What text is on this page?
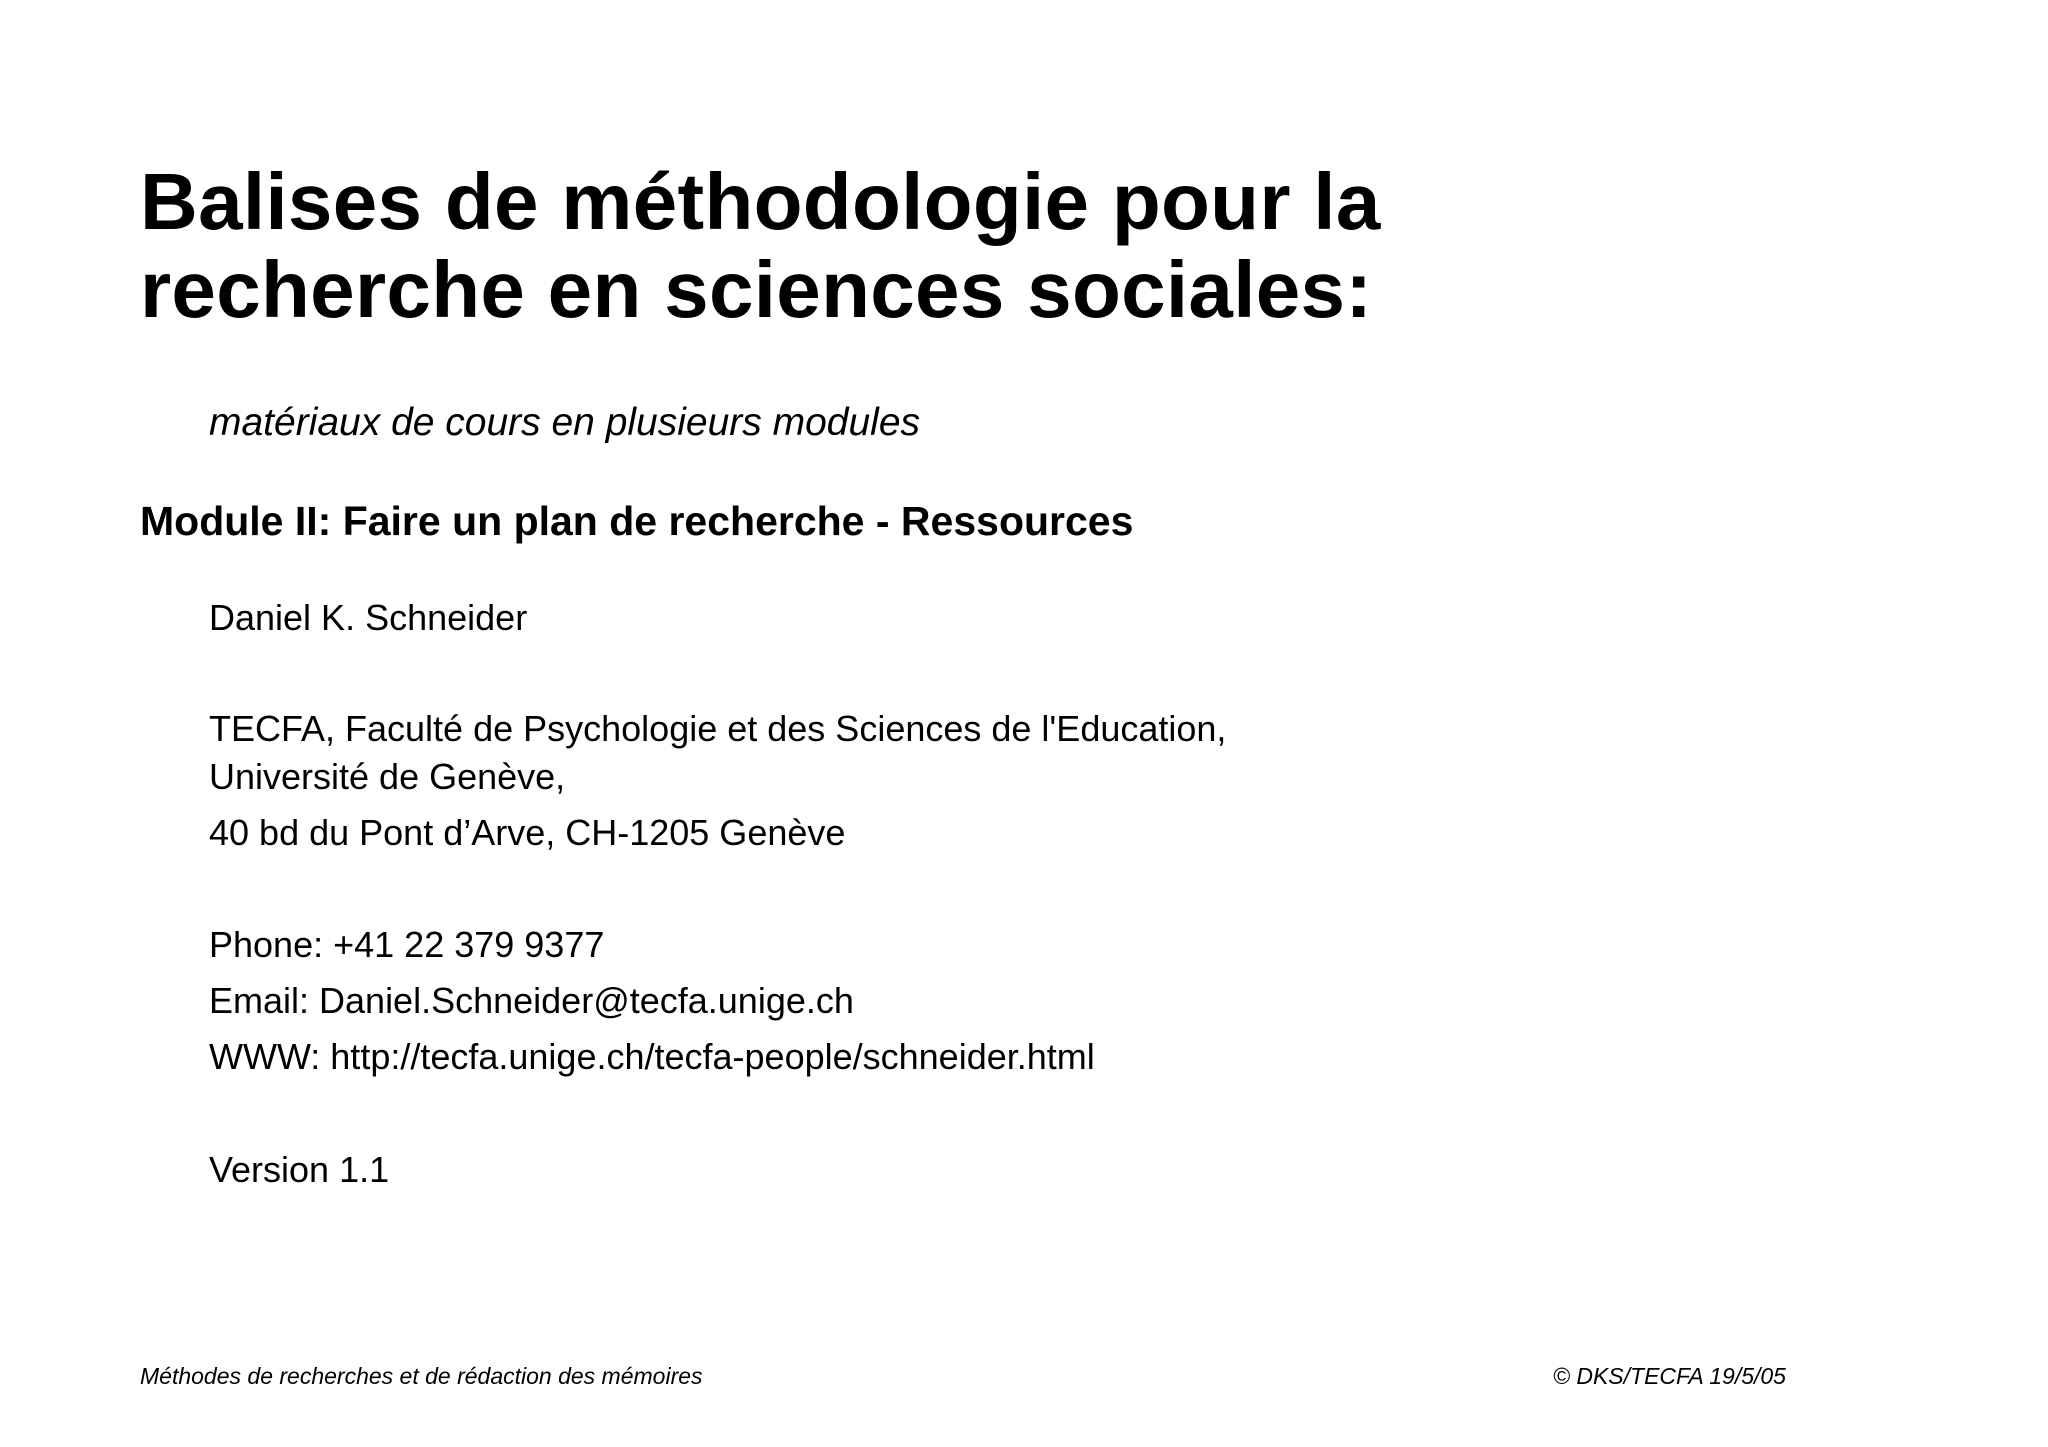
Balises de méthodologie pour la
recherche en sciences sociales:
matériaux de cours en plusieurs modules
Module II: Faire un plan de recherche - Ressources
Daniel K. Schneider
TECFA, Faculté de Psychologie et des Sciences de l'Education,
Université de Genève,
40 bd du Pont d’Arve, CH-1205 Genève
Phone: +41 22 379 9377
Email: Daniel.Schneider@tecfa.unige.ch
WWW: http://tecfa.unige.ch/tecfa-people/schneider.html
Version 1.1
Méthodes de recherches et de rédaction des mémoires	© DKS/TECFA 19/5/05
